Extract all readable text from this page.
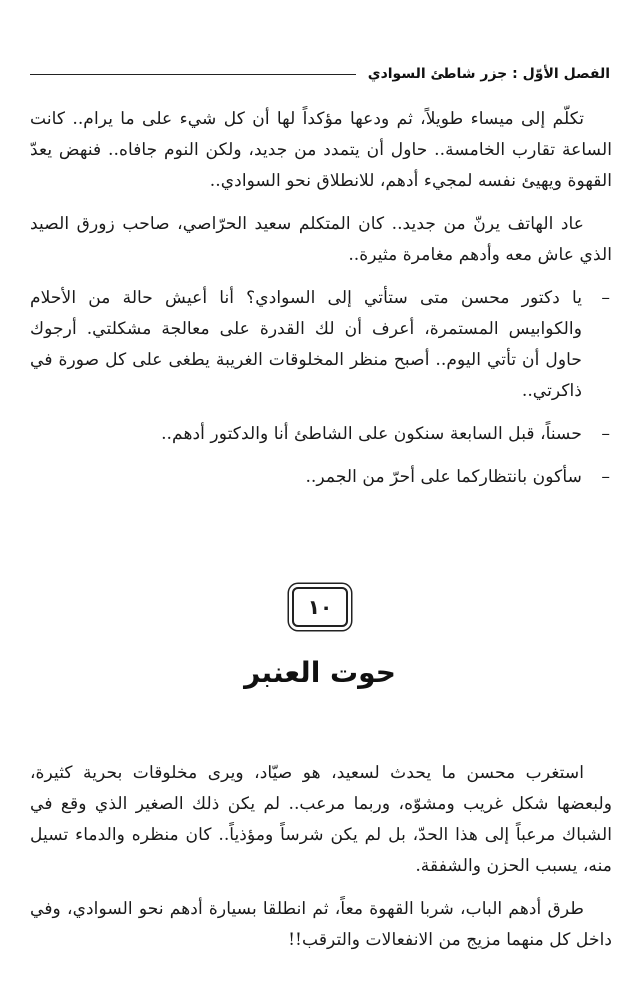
الفصل الأوّل : جزر شاطئ السوادي

تكلّم إلى ميساء طويلاً، ثم ودعها مؤكداً لها أن كل شيء على ما يرام.. كانت الساعة تقارب الخامسة.. حاول أن يتمدد من جديد، ولكن النوم جافاه.. فنهض يعدّ القهوة ويهيئ نفسه لمجيء أدهم، للانطلاق نحو السوادي..

عاد الهاتف يرنّ من جديد.. كان المتكلم سعيد الحرّاصي، صاحب زورق الصيد الذي عاش معه وأدهم مغامرة مثيرة..

–

يا دكتور محسن متى ستأتي إلى السوادي؟ أنا أعيش حالة من الأحلام والكوابيس المستمرة، أعرف أن لك القدرة على معالجة مشكلتي. أرجوك حاول أن تأتي اليوم.. أصبح منظر المخلوقات الغريبة يطغى على كل صورة في ذاكرتي..

–

حسناً، قبل السابعة سنكون على الشاطئ أنا والدكتور أدهم..

–

سأكون بانتظاركما على أحرّ من الجمر..

١٠
حوت العنبر

استغرب محسن ما يحدث لسعيد، هو صيّاد، ويرى مخلوقات بحرية كثيرة، ولبعضها شكل غريب ومشوّه، وربما مرعب.. لم يكن ذلك الصغير الذي وقع في الشباك مرعباً إلى هذا الحدّ، بل لم يكن شرساً ومؤذياً.. كان منظره والدماء تسيل منه، يسبب الحزن والشفقة.

طرق أدهم الباب، شربا القهوة معاً، ثم انطلقا بسيارة أدهم نحو السوادي، وفي داخل كل منهما مزيج من الانفعالات والترقب!!
